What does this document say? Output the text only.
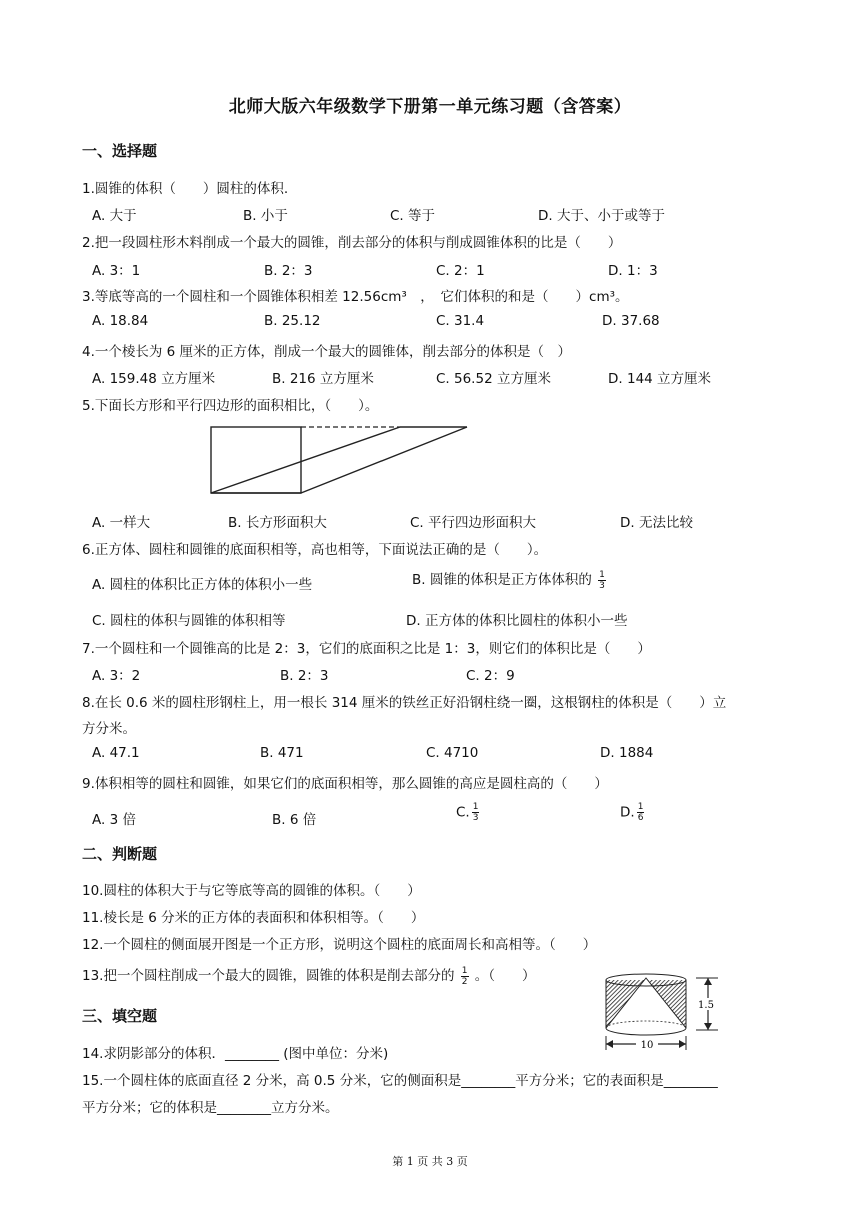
北师大版六年级数学下册第一单元练习题（含答案）
一、选择题
1.圆锥的体积（　　）圆柱的体积.
A. 大于	B. 小于	C. 等于	D. 大于、小于或等于
2.把一段圆柱形木料削成一个最大的圆锥，削去部分的体积与削成圆锥体积的比是（　　）
A. 3：1	B. 2：3	C. 2：1	D. 1：3
3.等底等高的一个圆柱和一个圆锥体积相差 12.56cm³　，　它们体积的和是（　　）cm³。
A. 18.84	B. 25.12	C. 31.4	D. 37.68
4.一个棱长为 6 厘米的正方体，削成一个最大的圆锥体，削去部分的体积是（　）
A. 159.48 立方厘米	B. 216 立方厘米	C. 56.52 立方厘米	D. 144 立方厘米
5.下面长方形和平行四边形的面积相比，（　　）。
A. 一样大	B. 长方形面积大	C. 平行四边形面积大	D. 无法比较
6.正方体、圆柱和圆锥的底面积相等，高也相等，下面说法正确的是（　　）。
A. 圆柱的体积比正方体的体积小一些	B. 圆锥的体积是正方体体积的 $\frac{1}{3}$
C. 圆柱的体积与圆锥的体积相等	D. 正方体的体积比圆柱的体积小一些
7.一个圆柱和一个圆锥高的比是 2：3，它们的底面积之比是 1：3，则它们的体积比是（　　）
A. 3：2	B. 2：3	C. 2：9
8.在长 0.6 米的圆柱形钢柱上，用一根长 314 厘米的铁丝正好沿钢柱绕一圈，这根钢柱的体积是（　　）立
方分米。
A. 47.1	B. 471	C. 4710	D. 1884
9.体积相等的圆柱和圆锥，如果它们的底面积相等，那么圆锥的高应是圆柱高的（　　）
A. 3 倍	B. 6 倍	C. $\frac{1}{3}$	D. $\frac{1}{6}$
二、判断题
10.圆柱的体积大于与它等底等高的圆锥的体积。（　　）
11.棱长是 6 分米的正方体的表面积和体积相等。（　　）
12.一个圆柱的侧面展开图是一个正方形，说明这个圆柱的底面周长和高相等。（　　）
13.把一个圆柱削成一个最大的圆锥，圆锥的体积是削去部分的 $\frac{1}{2}$ 。（　　）
1.5
10
三、填空题
14.求阴影部分的体积．________ (图中单位：分米)
15.一个圆柱体的底面直径 2 分米，高 0.5 分米，它的侧面积是________平方分米；它的表面积是________
平方分米；它的体积是________立方分米。
第 1 页 共 3 页
